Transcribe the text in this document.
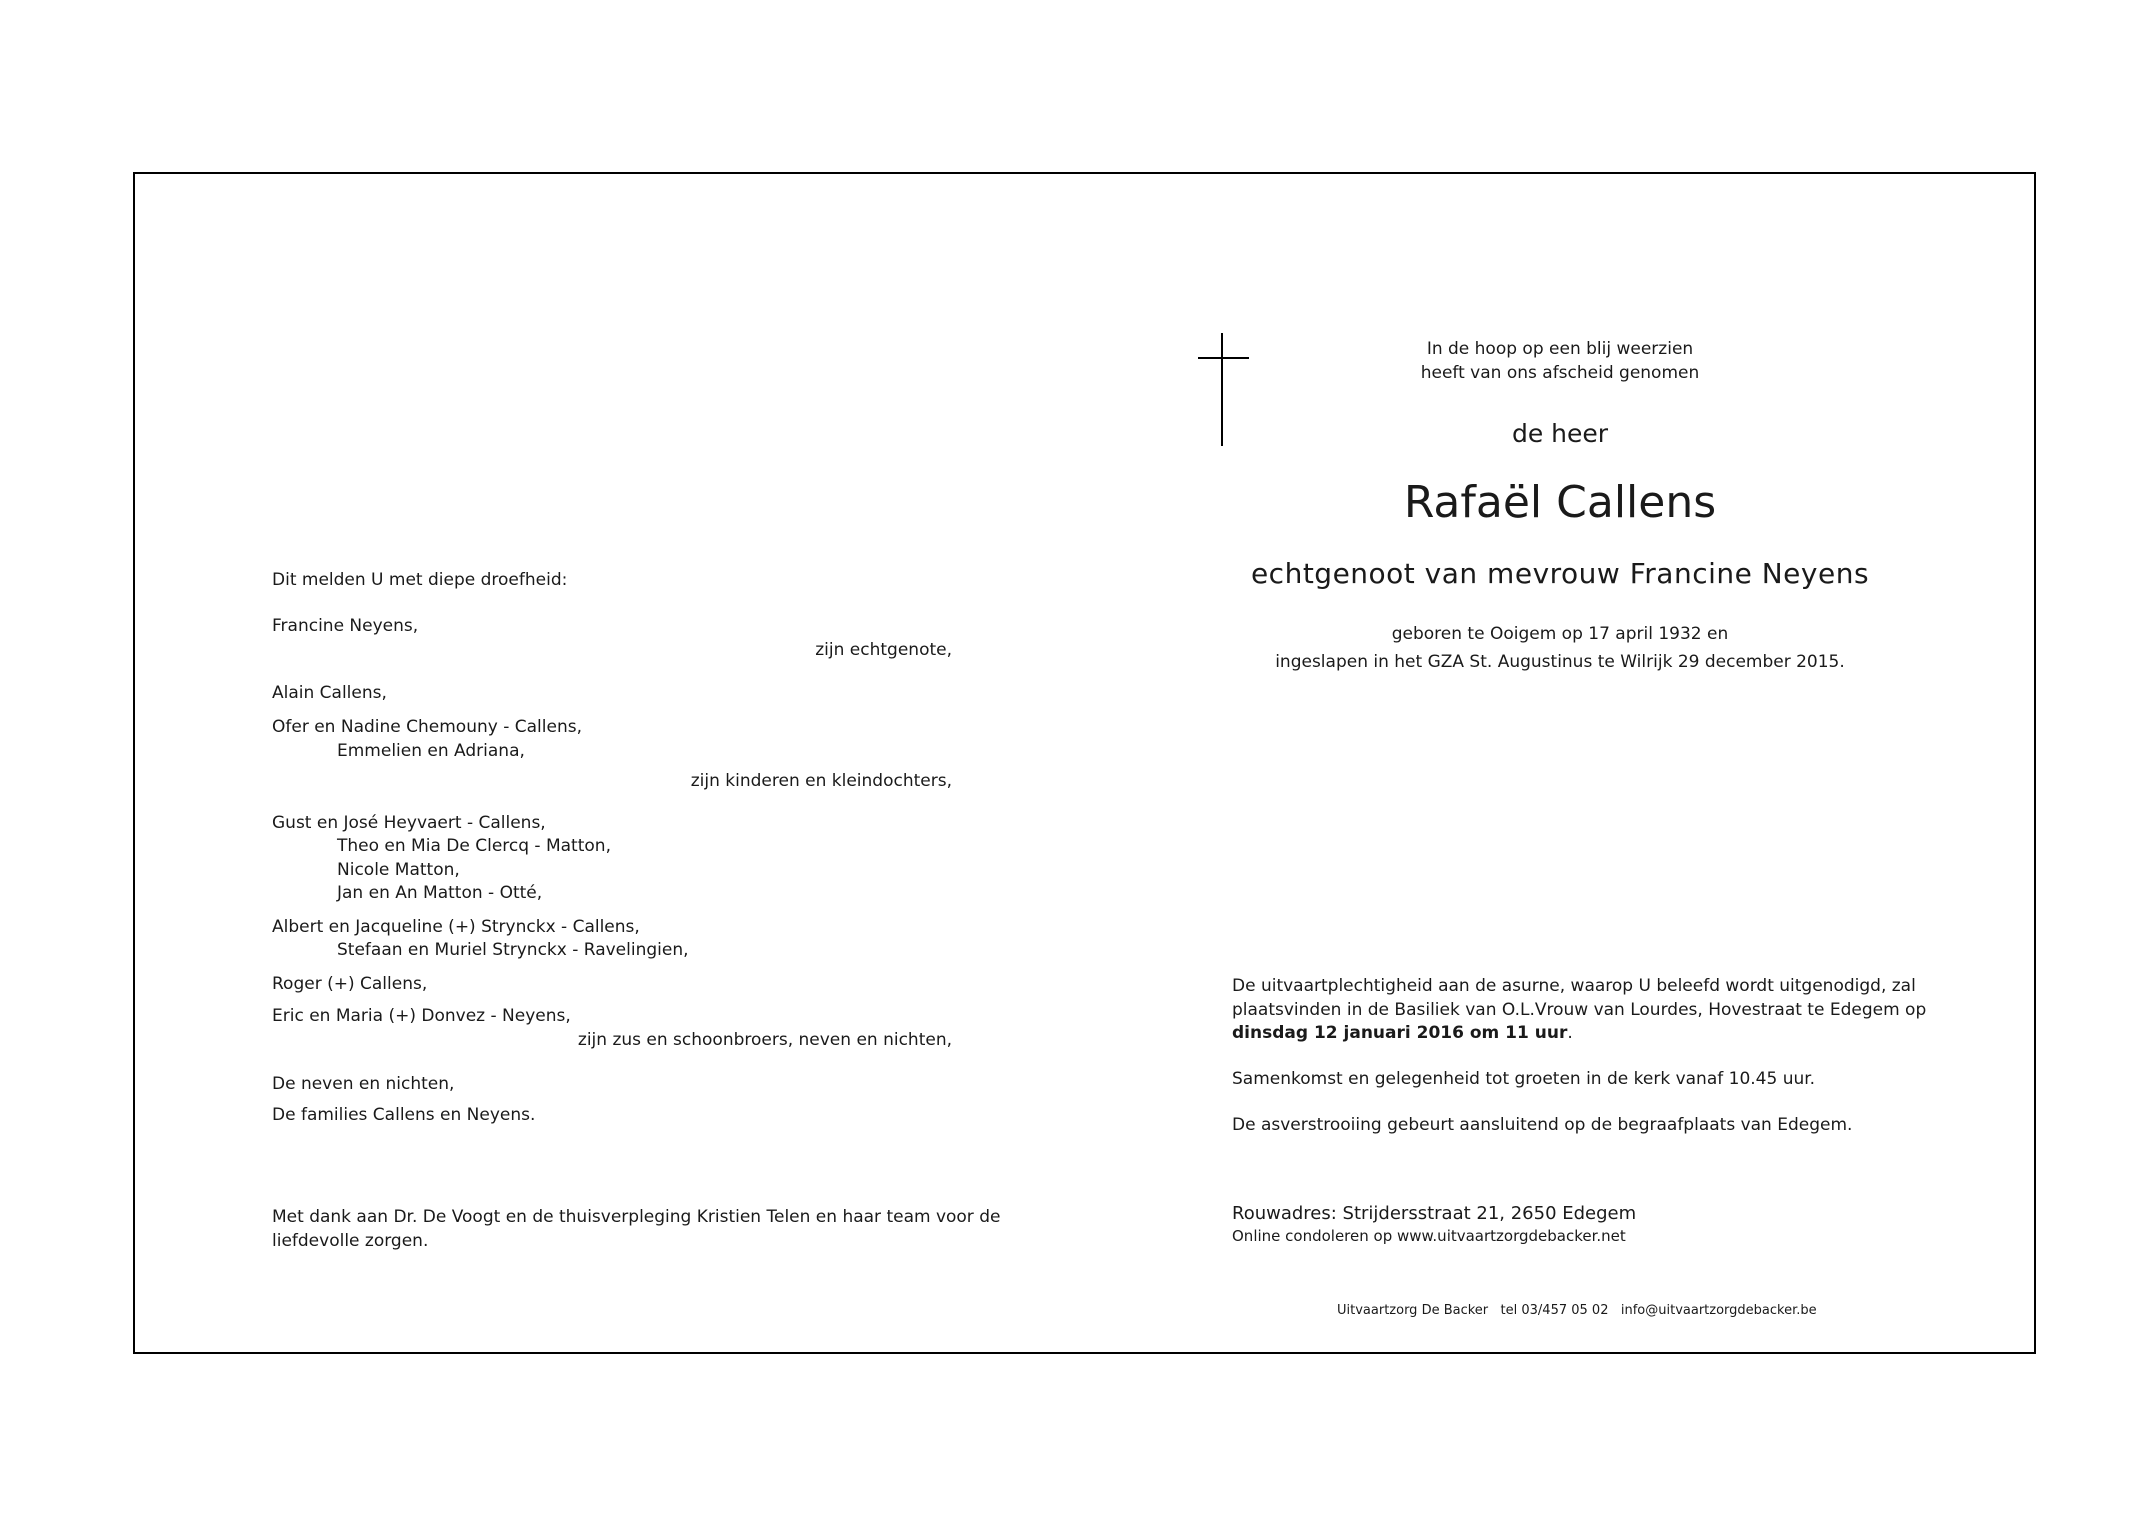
In de hoop op een blij weerzien
heeft van ons afscheid genomen
de heer
Rafaël Callens
echtgenoot van mevrouw Francine Neyens
geboren te Ooigem op 17 april 1932 en
ingeslapen in het GZA St. Augustinus te Wilrijk 29 december 2015.
De uitvaartplechtigheid aan de asurne, waarop U beleefd wordt uitgenodigd, zal
plaatsvinden in de Basiliek van O.L.Vrouw van Lourdes, Hovestraat te Edegem op
dinsdag 12 januari 2016 om 11 uur.
Samenkomst en gelegenheid tot groeten in de kerk vanaf 10.45 uur.
De asverstrooiing gebeurt aansluitend op de begraafplaats van Edegem.
Rouwadres: Strijdersstraat 21, 2650 Edegem
Online condoleren op www.uitvaartzorgdebacker.net
Uitvaartzorg De Backer   tel 03/457 05 02   info@uitvaartzorgdebacker.be
Dit melden U met diepe droefheid:
Francine Neyens,
zijn echtgenote,
Alain Callens,
Ofer en Nadine Chemouny - Callens,
Emmelien en Adriana,
zijn kinderen en kleindochters,
Gust en José Heyvaert - Callens,
Theo en Mia De Clercq - Matton,
Nicole Matton,
Jan en An Matton - Otté,
Albert en Jacqueline (+) Strynckx - Callens,
Stefaan en Muriel Strynckx - Ravelingien,
Roger (+) Callens,
Eric en Maria (+) Donvez - Neyens,
zijn zus en schoonbroers, neven en nichten,
De neven en nichten,
De families Callens en Neyens.
Met dank aan Dr. De Voogt en de thuisverpleging Kristien Telen en haar team voor de
liefdevolle zorgen.
